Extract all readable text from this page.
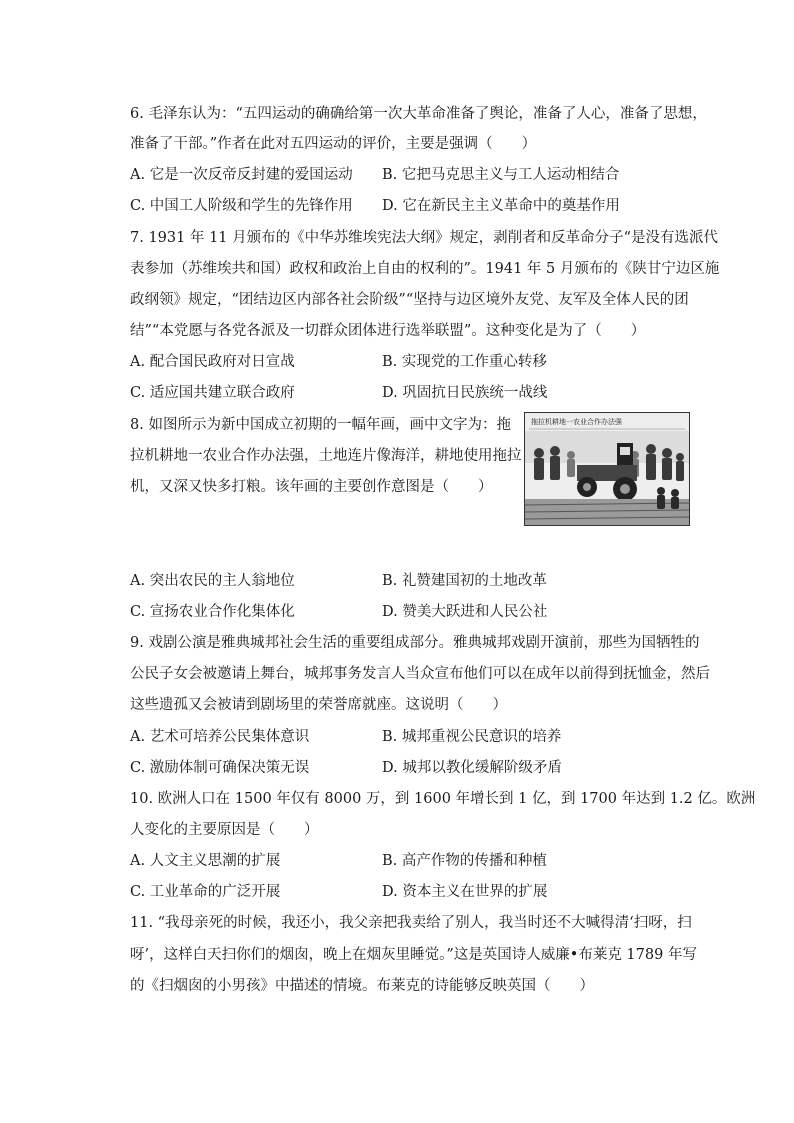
6. 毛泽东认为：“五四运动的确确给第一次大革命准备了舆论，准备了人心，准备了思想，
准备了干部。”作者在此对五四运动的评价，主要是强调（　　）
A. 它是一次反帝反封建的爱国运动 B. 它把马克思主义与工人运动相结合
C. 中国工人阶级和学生的先锋作用 D. 它在新民主主义革命中的奠基作用
7. 1931 年 11 月颁布的《中华苏维埃宪法大纲》规定，剥削者和反革命分子“是没有选派代
表参加（苏维埃共和国）政权和政治上自由的权利的”。1941 年 5 月颁布的《陕甘宁边区施
政纲领》规定，“团结边区内部各社会阶级”“坚持与边区境外友党、友军及全体人民的团
结”“本党愿与各党各派及一切群众团体进行选举联盟”。这种变化是为了（　　）
A. 配合国民政府对日宣战	B. 实现党的工作重心转移
C. 适应国共建立联合政府	D. 巩固抗日民族统一战线
8. 如图所示为新中国成立初期的一幅年画，画中文字为：拖
拉机耕地一农业合作办法强，土地连片像海洋，耕地使用拖拉
机，又深又快多打粮。该年画的主要创作意图是（　　）
拖拉机耕地一农业合作办法强
A. 突出农民的主人翁地位	B. 礼赞建国初的土地改革
C. 宣扬农业合作化集体化	D. 赞美大跃进和人民公社
9. 戏剧公演是雅典城邦社会生活的重要组成部分。雅典城邦戏剧开演前，那些为国牺牲的
公民子女会被邀请上舞台，城邦事务发言人当众宣布他们可以在成年以前得到抚恤金，然后
这些遗孤又会被请到剧场里的荣誉席就座。这说明（　　）
A. 艺术可培养公民集体意识	B. 城邦重视公民意识的培养
C. 激励体制可确保决策无误	D. 城邦以教化缓解阶级矛盾
10. 欧洲人口在 1500 年仅有 8000 万，到 1600 年增长到 1 亿，到 1700 年达到 1.2 亿。欧洲
人变化的主要原因是（　　）
A. 人文主义思潮的扩展	B. 高产作物的传播和种植
C. 工业革命的广泛开展	D. 资本主义在世界的扩展
11. “我母亲死的时候，我还小，我父亲把我卖给了别人，我当时还不大喊得清‘扫呀，扫
呀’，这样白天扫你们的烟囱，晚上在烟灰里睡觉。”这是英国诗人威廉•布莱克 1789 年写
的《扫烟囱的小男孩》中描述的情境。布莱克的诗能够反映英国（　　）
